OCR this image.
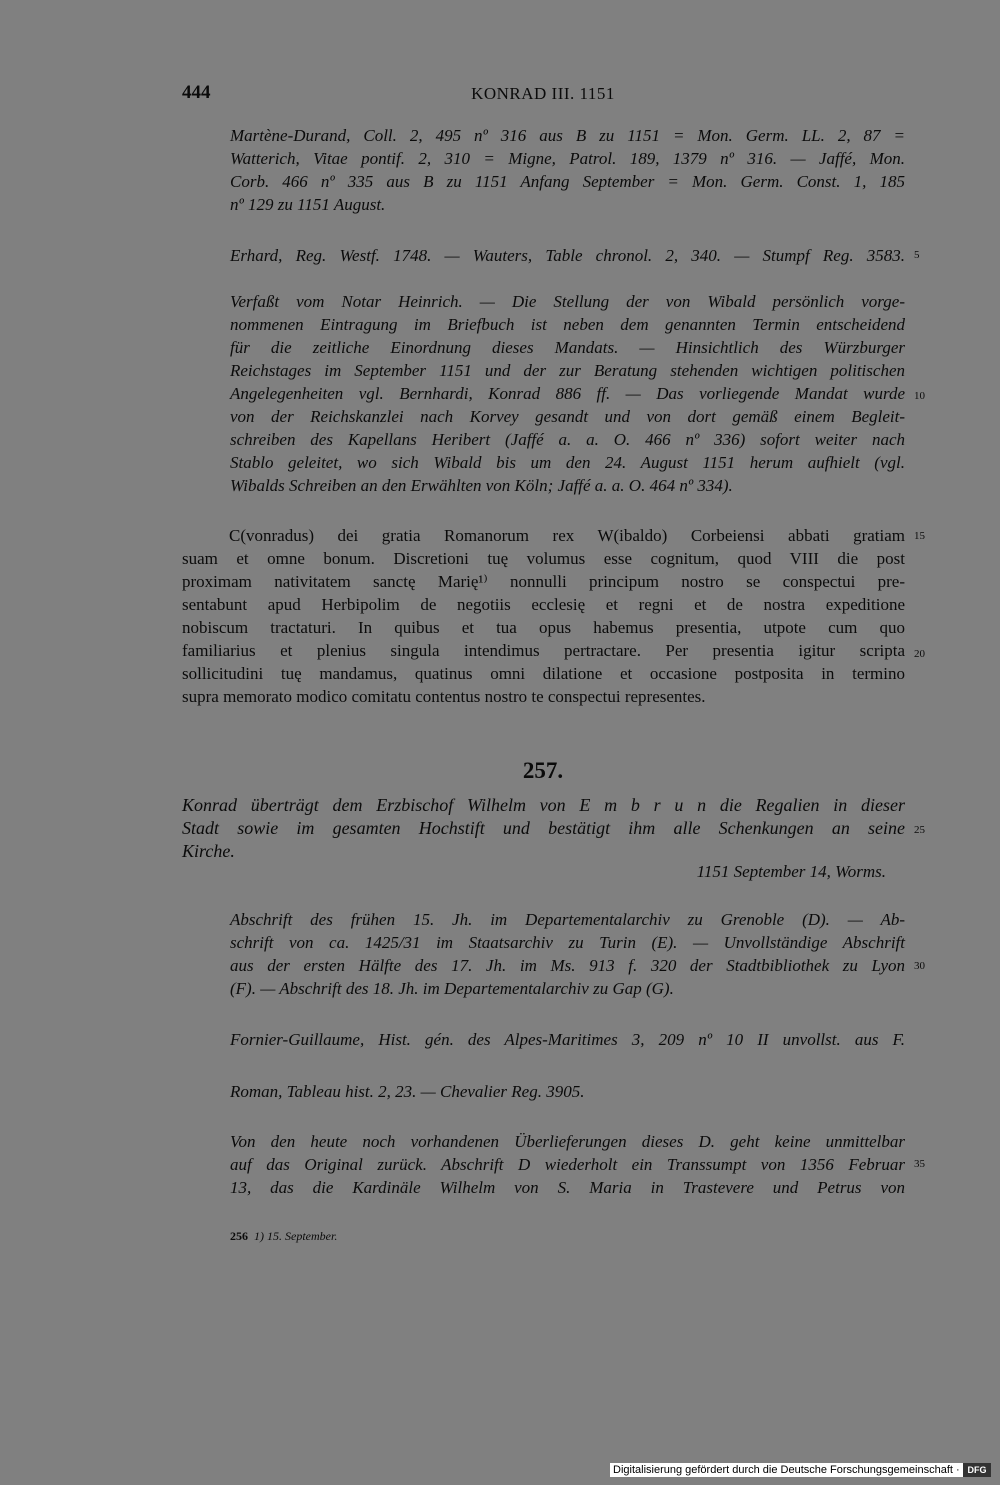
444	KONRAD III. 1151
Martène-Durand, Coll. 2, 495 nº 316 aus B zu 1151 = Mon. Germ. LL. 2, 87 =
Watterich, Vitae pontif. 2, 310 = Migne, Patrol. 189, 1379 nº 316. — Jaffé, Mon.
Corb. 466 nº 335 aus B zu 1151 Anfang September = Mon. Germ. Const. 1, 185
nº 129 zu 1151 August.
Erhard, Reg. Westf. 1748. — Wauters, Table chronol. 2, 340. — Stumpf Reg. 3583.
Verfaßt vom Notar Heinrich. — Die Stellung der von Wibald persönlich vorge-
nommenen Eintragung im Briefbuch ist neben dem genannten Termin entscheidend
für die zeitliche Einordnung dieses Mandats. — Hinsichtlich des Würzburger
Reichstages im September 1151 und der zur Beratung stehenden wichtigen politischen
Angelegenheiten vgl. Bernhardi, Konrad 886 ff. — Das vorliegende Mandat wurde
von der Reichskanzlei nach Korvey gesandt und von dort gemäß einem Begleit-
schreiben des Kapellans Heribert (Jaffé a. a. O. 466 nº 336) sofort weiter nach
Stablo geleitet, wo sich Wibald bis um den 24. August 1151 herum aufhielt (vgl.
Wibalds Schreiben an den Erwählten von Köln; Jaffé a. a. O. 464 nº 334).
C(vonradus) dei gratia Romanorum rex W(ibaldo) Corbeiensi abbati gratiam
suam et omne bonum. Discretioni tuę volumus esse cognitum, quod VIII die post
proximam nativitatem sanctę Marię¹⁾ nonnulli principum nostro se conspectui pre-
sentabunt apud Herbipolim de negotiis ecclesię et regni et de nostra expeditione
nobiscum tractaturi. In quibus et tua opus habemus presentia, utpote cum quo
familiarius et plenius singula intendimus pertractare. Per presentia igitur scripta
sollicitudini tuę mandamus, quatinus omni dilatione et occasione postposita in termino
supra memorato modico comitatu contentus nostro te conspectui representes.
257.
Konrad überträgt dem Erzbischof Wilhelm von E m b r u n die Regalien in dieser
Stadt sowie im gesamten Hochstift und bestätigt ihm alle Schenkungen an seine
Kirche.
1151 September 14, Worms.
Abschrift des frühen 15. Jh. im Departementalarchiv zu Grenoble (D). — Ab-
schrift von ca. 1425/31 im Staatsarchiv zu Turin (E). — Unvollständige Abschrift
aus der ersten Hälfte des 17. Jh. im Ms. 913 f. 320 der Stadtbibliothek zu Lyon
(F). — Abschrift des 18. Jh. im Departementalarchiv zu Gap (G).
Fornier-Guillaume, Hist. gén. des Alpes-Maritimes 3, 209 nº 10 II unvollst. aus F.
Roman, Tableau hist. 2, 23. — Chevalier Reg. 3905.
Von den heute noch vorhandenen Überlieferungen dieses D. geht keine unmittelbar
auf das Original zurück. Abschrift D wiederholt ein Transsumpt von 1356 Februar
13, das die Kardinäle Wilhelm von S. Maria in Trastevere und Petrus von
5
10
15
20
25
30
35
256 1) 15. September.
Digitalisierung gefördert durch die Deutsche Forschungsgemeinschaft · DFG
